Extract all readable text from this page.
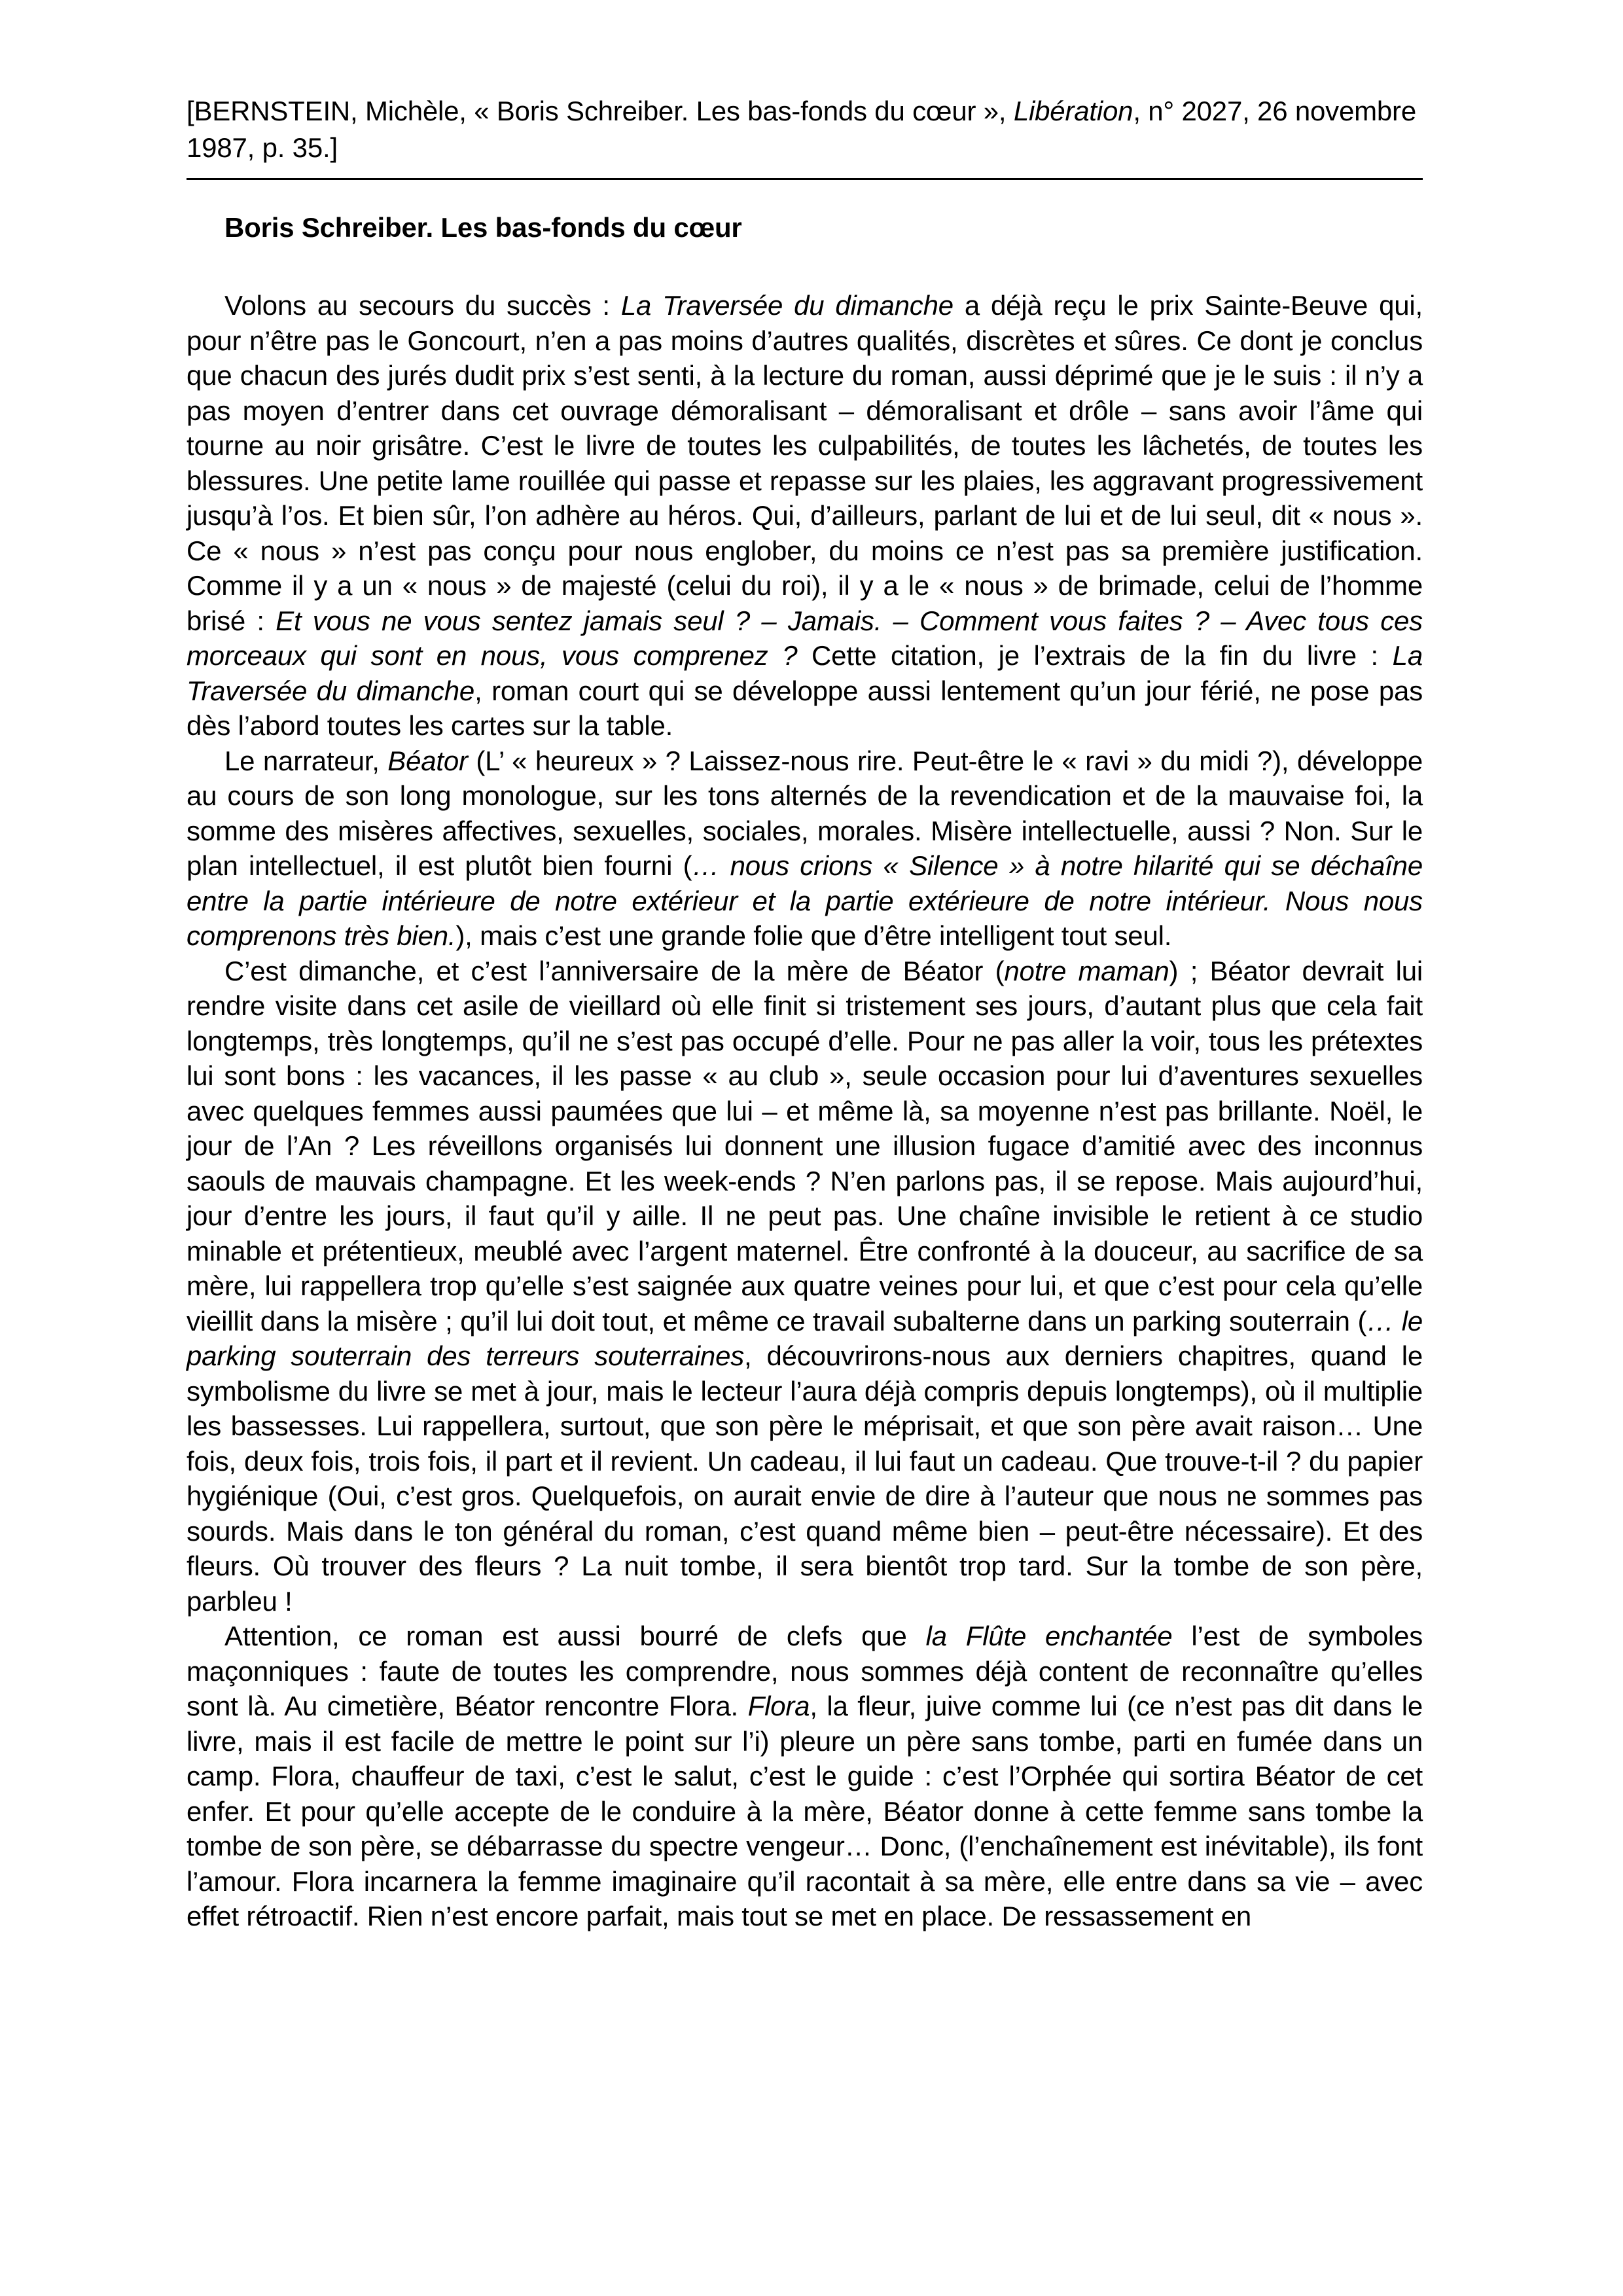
[BERNSTEIN, Michèle, « Boris Schreiber. Les bas-fonds du cœur », Libération, n° 2027, 26 novembre 1987, p. 35.]
Boris Schreiber. Les bas-fonds du cœur

Volons au secours du succès : La Traversée du dimanche a déjà reçu le prix Sainte-Beuve qui, pour n’être pas le Goncourt, n’en a pas moins d’autres qualités, discrètes et sûres. Ce dont je conclus que chacun des jurés dudit prix s’est senti, à la lecture du roman, aussi déprimé que je le suis : il n’y a pas moyen d’entrer dans cet ouvrage démoralisant – démoralisant et drôle – sans avoir l’âme qui tourne au noir grisâtre. C’est le livre de toutes les culpabilités, de toutes les lâchetés, de toutes les blessures. Une petite lame rouillée qui passe et repasse sur les plaies, les aggravant progressivement jusqu’à l’os. Et bien sûr, l’on adhère au héros. Qui, d’ailleurs, parlant de lui et de lui seul, dit « nous ». Ce « nous » n’est pas conçu pour nous englober, du moins ce n’est pas sa première justification. Comme il y a un « nous » de majesté (celui du roi), il y a le « nous » de brimade, celui de l’homme brisé : Et vous ne vous sentez jamais seul ? – Jamais. – Comment vous faites ? – Avec tous ces morceaux qui sont en nous, vous comprenez ? Cette citation, je l’extrais de la fin du livre : La Traversée du dimanche, roman court qui se développe aussi lentement qu’un jour férié, ne pose pas dès l’abord toutes les cartes sur la table.

Le narrateur, Béator (L’ « heureux » ? Laissez-nous rire. Peut-être le « ravi » du midi ?), développe au cours de son long monologue, sur les tons alternés de la revendication et de la mauvaise foi, la somme des misères affectives, sexuelles, sociales, morales. Misère intellectuelle, aussi ? Non. Sur le plan intellectuel, il est plutôt bien fourni (… nous crions « Silence » à notre hilarité qui se déchaîne entre la partie intérieure de notre extérieur et la partie extérieure de notre intérieur. Nous nous comprenons très bien.), mais c’est une grande folie que d’être intelligent tout seul.

C’est dimanche, et c’est l’anniversaire de la mère de Béator (notre maman) ; Béator devrait lui rendre visite dans cet asile de vieillard où elle finit si tristement ses jours, d’autant plus que cela fait longtemps, très longtemps, qu’il ne s’est pas occupé d’elle. Pour ne pas aller la voir, tous les prétextes lui sont bons : les vacances, il les passe « au club », seule occasion pour lui d’aventures sexuelles avec quelques femmes aussi paumées que lui – et même là, sa moyenne n’est pas brillante. Noël, le jour de l’An ? Les réveillons organisés lui donnent une illusion fugace d’amitié avec des inconnus saouls de mauvais champagne. Et les week-ends ? N’en parlons pas, il se repose. Mais aujourd’hui, jour d’entre les jours, il faut qu’il y aille. Il ne peut pas. Une chaîne invisible le retient à ce studio minable et prétentieux, meublé avec l’argent maternel. Être confronté à la douceur, au sacrifice de sa mère, lui rappellera trop qu’elle s’est saignée aux quatre veines pour lui, et que c’est pour cela qu’elle vieillit dans la misère ; qu’il lui doit tout, et même ce travail subalterne dans un parking souterrain (… le parking souterrain des terreurs souterraines, découvrirons-nous aux derniers chapitres, quand le symbolisme du livre se met à jour, mais le lecteur l’aura déjà compris depuis longtemps), où il multiplie les bassesses. Lui rappellera, surtout, que son père le méprisait, et que son père avait raison… Une fois, deux fois, trois fois, il part et il revient. Un cadeau, il lui faut un cadeau. Que trouve-t-il ? du papier hygiénique (Oui, c’est gros. Quelquefois, on aurait envie de dire à l’auteur que nous ne sommes pas sourds. Mais dans le ton général du roman, c’est quand même bien – peut-être nécessaire). Et des fleurs. Où trouver des fleurs ? La nuit tombe, il sera bientôt trop tard. Sur la tombe de son père, parbleu !

Attention, ce roman est aussi bourré de clefs que la Flûte enchantée l’est de symboles maçonniques : faute de toutes les comprendre, nous sommes déjà content de reconnaître qu’elles sont là. Au cimetière, Béator rencontre Flora. Flora, la fleur, juive comme lui (ce n’est pas dit dans le livre, mais il est facile de mettre le point sur l’i) pleure un père sans tombe, parti en fumée dans un camp. Flora, chauffeur de taxi, c’est le salut, c’est le guide : c’est l’Orphée qui sortira Béator de cet enfer. Et pour qu’elle accepte de le conduire à la mère, Béator donne à cette femme sans tombe la tombe de son père, se débarrasse du spectre vengeur… Donc, (l’enchaînement est inévitable), ils font l’amour. Flora incarnera la femme imaginaire qu’il racontait à sa mère, elle entre dans sa vie – avec effet rétroactif. Rien n’est encore parfait, mais tout se met en place. De ressassement en
